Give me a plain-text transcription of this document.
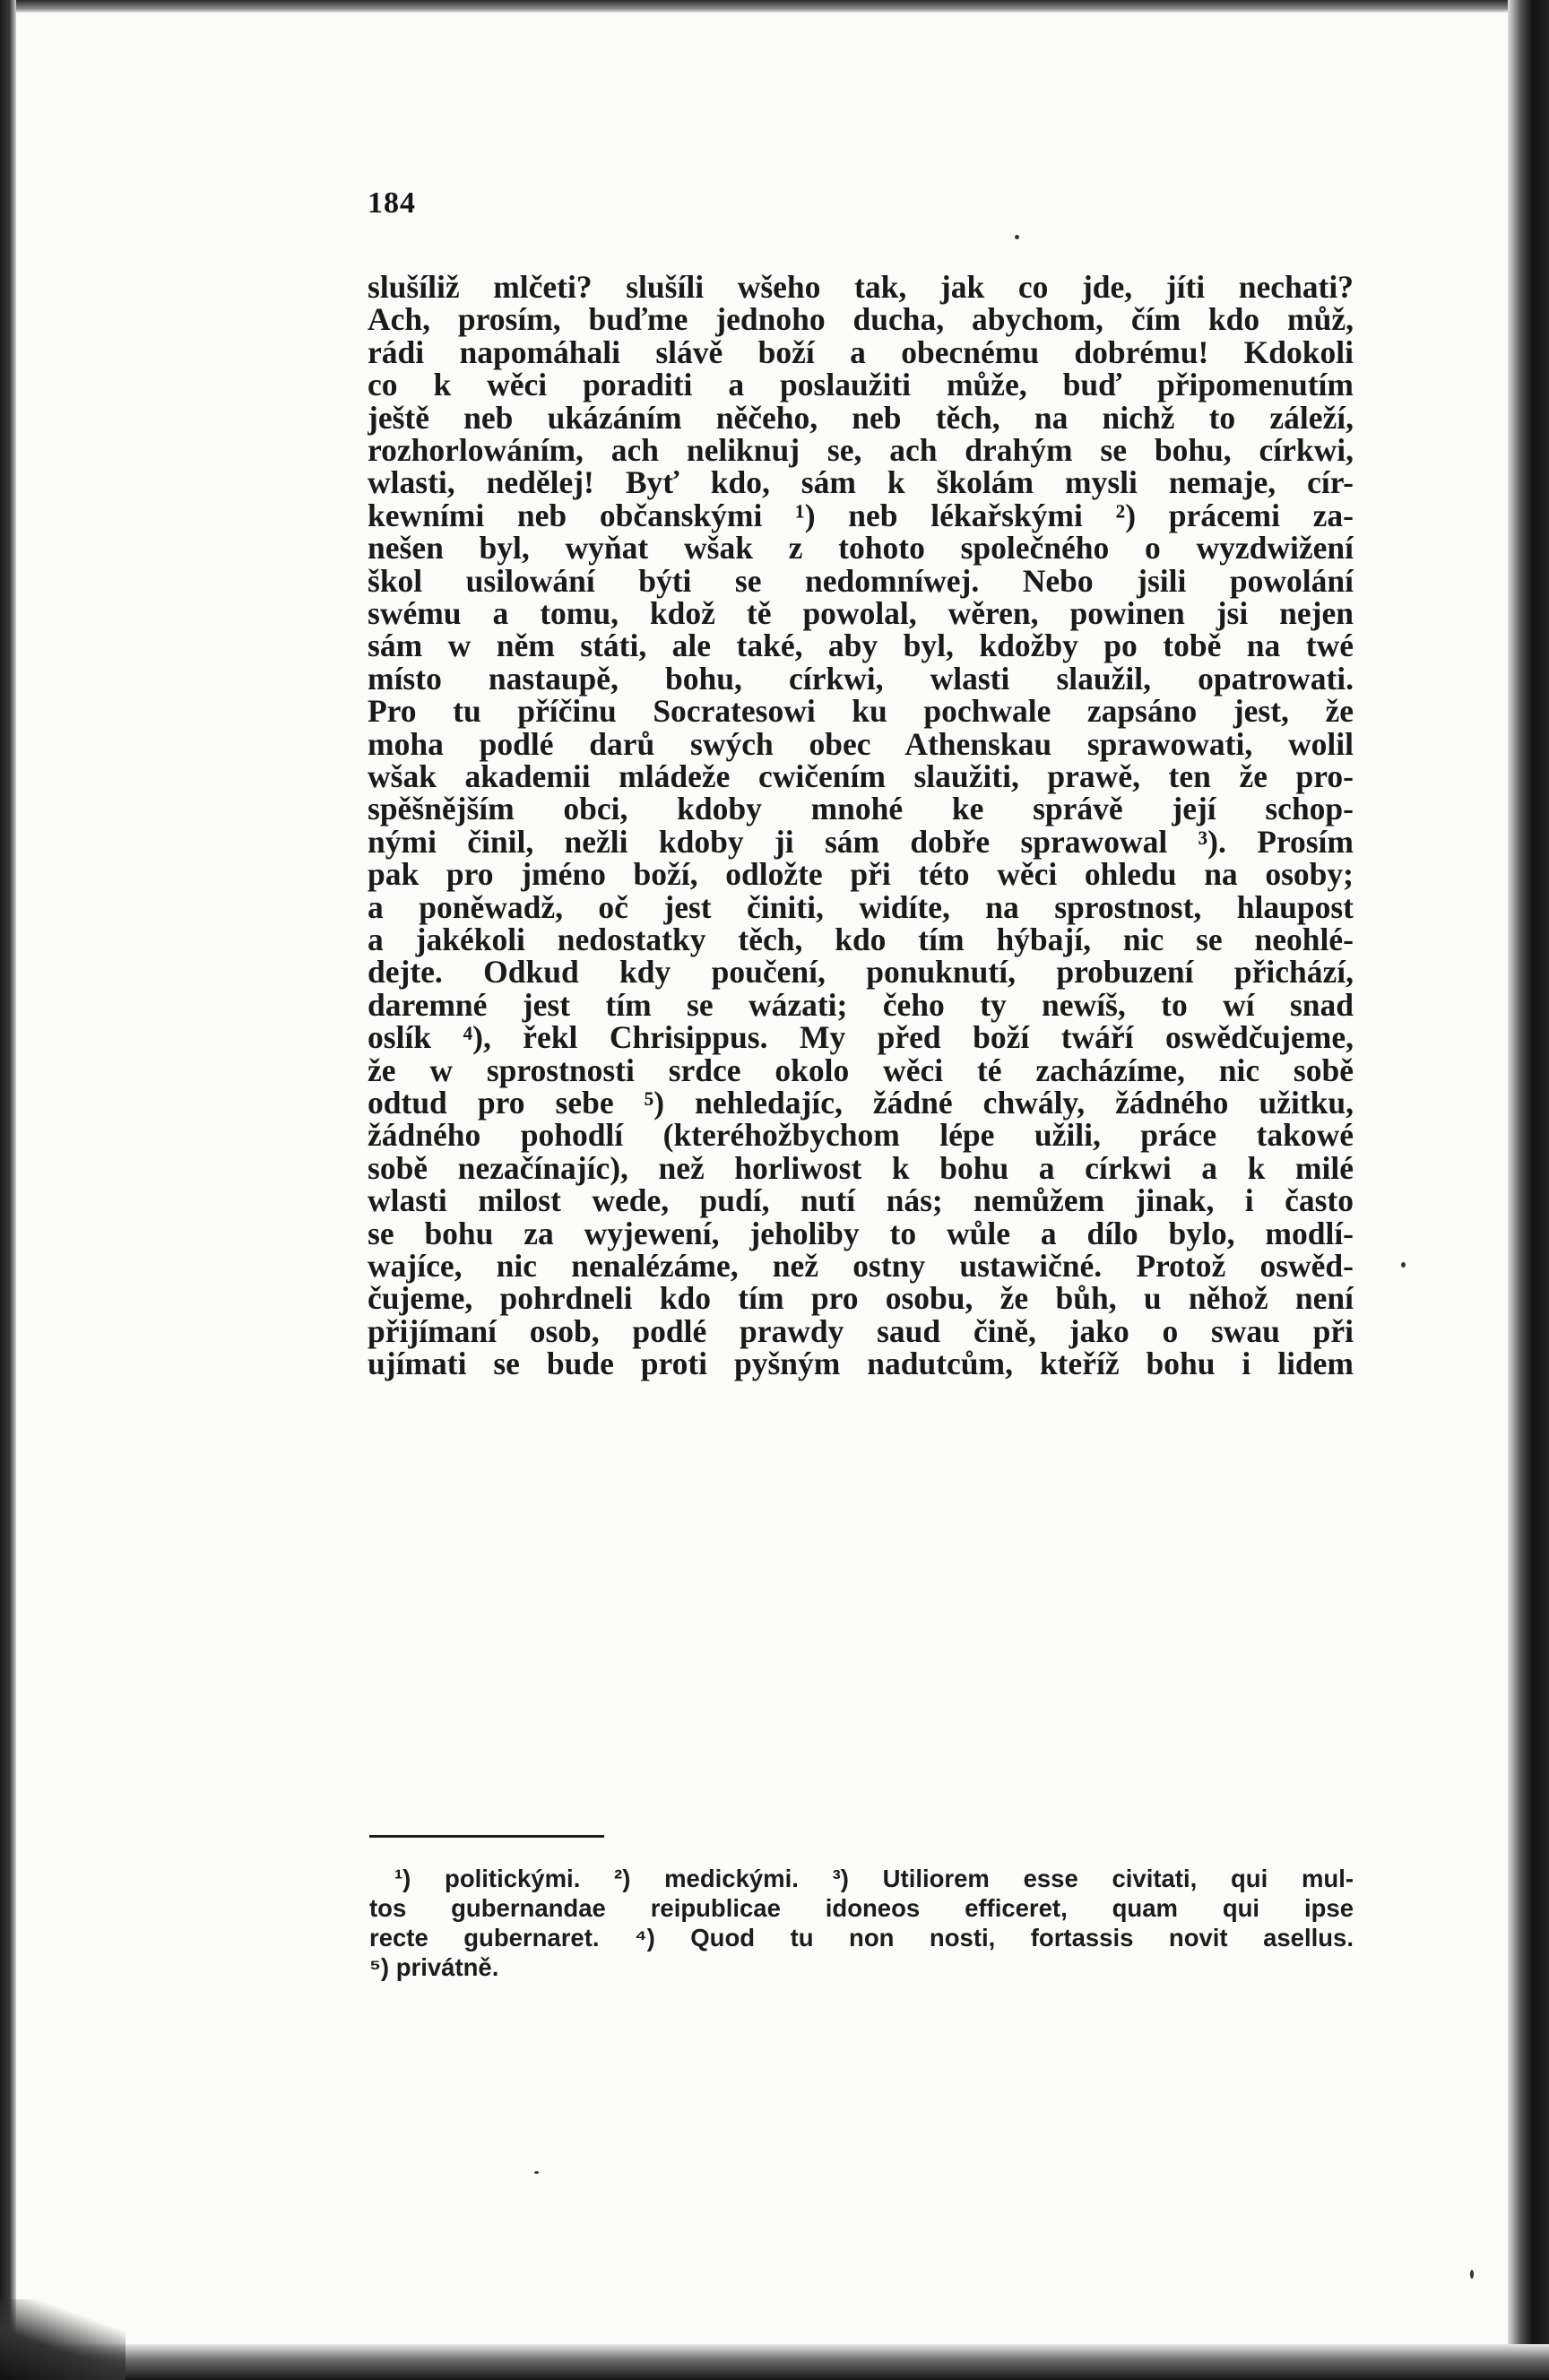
184
slušíliž mlčeti? slušíli wšeho tak, jak co jde, jíti nechati?
Ach, prosím, buďme jednoho ducha, abychom, čím kdo můž,
rádi napomáhali slávě boží a obecnému dobrému! Kdokoli
co k wěci poraditi a poslaužiti může, buď připomenutím
ještě neb ukázáním něčeho, neb těch, na nichž to záleží,
rozhorlowáním, ach neliknuj se, ach drahým se bohu, církwi,
wlasti, nedělej! Byť kdo, sám k školám mysli nemaje, cír-
kewními neb občanskými ¹) neb lékařskými ²) prácemi za-
nešen byl, wyňat wšak z tohoto společného o wyzdwižení
škol usilowání býti se nedomníwej. Nebo jsili powolání
swému a tomu, kdož tě powolal, wěren, powinen jsi nejen
sám w něm státi, ale také, aby byl, kdožby po tobě na twé
místo nastaupě, bohu, církwi, wlasti slaužil, opatrowati.
Pro tu příčinu Socratesowi ku pochwale zapsáno jest, že
moha podlé darů swých obec Athenskau sprawowati, wolil
wšak akademii mládeže cwičením slaužiti, prawě, ten že pro-
spěšnějším obci, kdoby mnohé ke správě její schop-
nými činil, nežli kdoby ji sám dobře sprawowal ³). Prosím
pak pro jméno boží, odložte při této wěci ohledu na osoby;
a poněwadž, oč jest činiti, widíte, na sprostnost, hlaupost
a jakékoli nedostatky těch, kdo tím hýbají, nic se neohlé-
dejte. Odkud kdy poučení, ponuknutí, probuzení přichází,
daremné jest tím se wázati; čeho ty newíš, to wí snad
oslík ⁴), řekl Chrisippus. My před boží twáří oswědčujeme,
že w sprostnosti srdce okolo wěci té zacházíme, nic sobě
odtud pro sebe ⁵) nehledajíc, žádné chwály, žádného užitku,
žádného pohodlí (kteréhožbychom lépe užili, práce takowé
sobě nezačínajíc), než horliwost k bohu a církwi a k milé
wlasti milost wede, pudí, nutí nás; nemůžem jinak, i často
se bohu za wyjewení, jeholiby to wůle a dílo bylo, modlí-
wajíce, nic nenalézáme, než ostny ustawičné. Protož oswěd-
čujeme, pohrdneli kdo tím pro osobu, že bůh, u něhož není
přijímaní osob, podlé prawdy saud čině, jako o swau při
ujímati se bude proti pyšným nadutcům, kteříž bohu i lidem
¹) politickými. ²) medickými. ³) Utiliorem esse civitati, qui mul-
tos gubernandae reipublicae idoneos efficeret, quam qui ipse
recte gubernaret. ⁴) Quod tu non nosti, fortassis novit asellus.
⁵) privátně.
